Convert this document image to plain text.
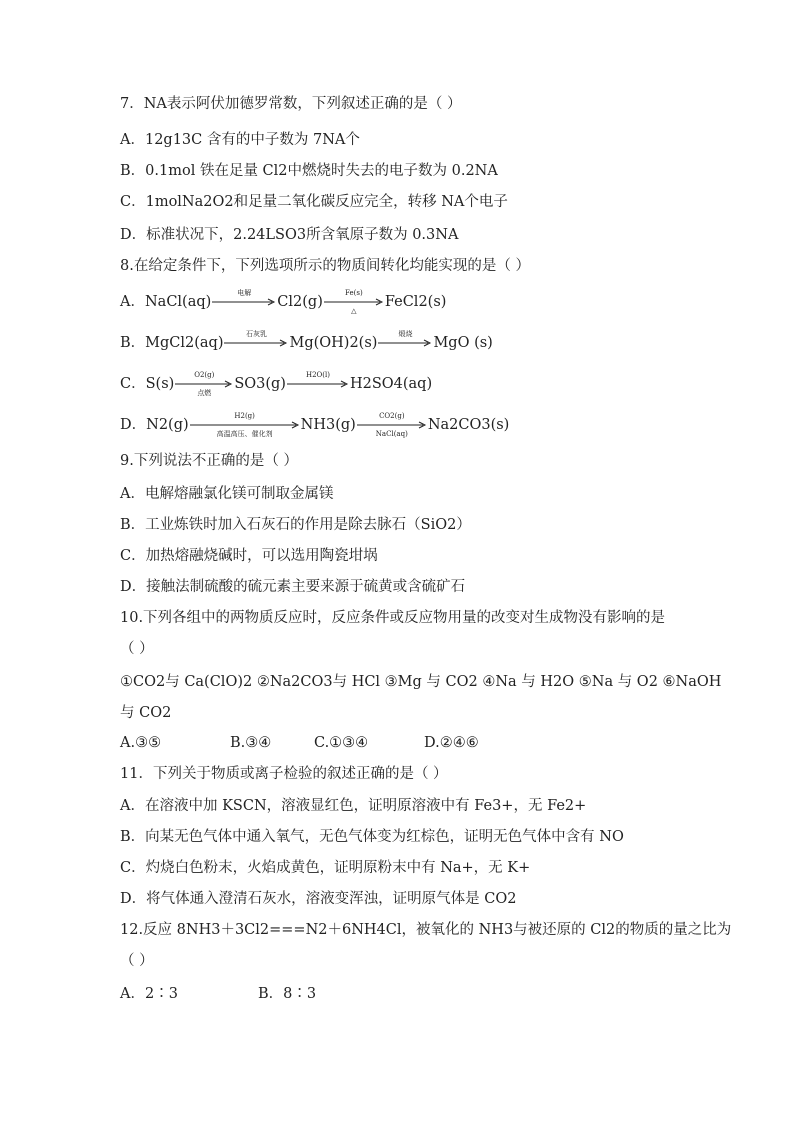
7．NA表示阿伏加德罗常数，下列叙述正确的是（ ）
A．12g13C 含有的中子数为 7NA个
B．0.1mol 铁在足量 Cl2中燃烧时失去的电子数为 0.2NA
C．1molNa2O2和足量二氧化碳反应完全，转移 NA个电子
D．标准状况下，2.24LSO3所含氧原子数为 0.3NA
8.在给定条件下，下列选项所示的物质间转化均能实现的是（ ）
A．NaCl(aq)
电解
Cl2(g)
Fe(s)
△
FeCl2(s)
B．MgCl2(aq)
石灰乳
Mg(OH)2(s)
煅烧
MgO (s)
C．S(s)
O2(g)
点燃
SO3(g)
H2O(l)
H2SO4(aq)
D．N2(g)
H2(g)
高温高压、催化剂
NH3(g)
CO2(g)
NaCl(aq)
Na2CO3(s)
9.下列说法不正确的是（ ）
A．电解熔融氯化镁可制取金属镁
B．工业炼铁时加入石灰石的作用是除去脉石（SiO2）
C．加热熔融烧碱时，可以选用陶瓷坩埚
D．接触法制硫酸的硫元素主要来源于硫黄或含硫矿石
10.下列各组中的两物质反应时，反应条件或反应物用量的改变对生成物没有影响的是
（ ）
①CO2与 Ca(ClO)2 ②Na2CO3与 HCl ③Mg 与 CO2 ④Na 与 H2O ⑤Na 与 O2 ⑥NaOH
与 CO2
A.③⑤	B.③④	C.①③④	D.②④⑥
11．下列关于物质或离子检验的叙述正确的是（ ）
A．在溶液中加 KSCN，溶液显红色，证明原溶液中有 Fe3+，无 Fe2+
B．向某无色气体中通入氧气，无色气体变为红棕色，证明无色气体中含有 NO
C．灼烧白色粉末，火焰成黄色，证明原粉末中有 Na+，无 K+
D．将气体通入澄清石灰水，溶液变浑浊，证明原气体是 CO2
12.反应 8NH3＋3Cl2===N2＋6NH4Cl，被氧化的 NH3与被还原的 Cl2的物质的量之比为
（ ）
A．2∶3	B．8∶3
